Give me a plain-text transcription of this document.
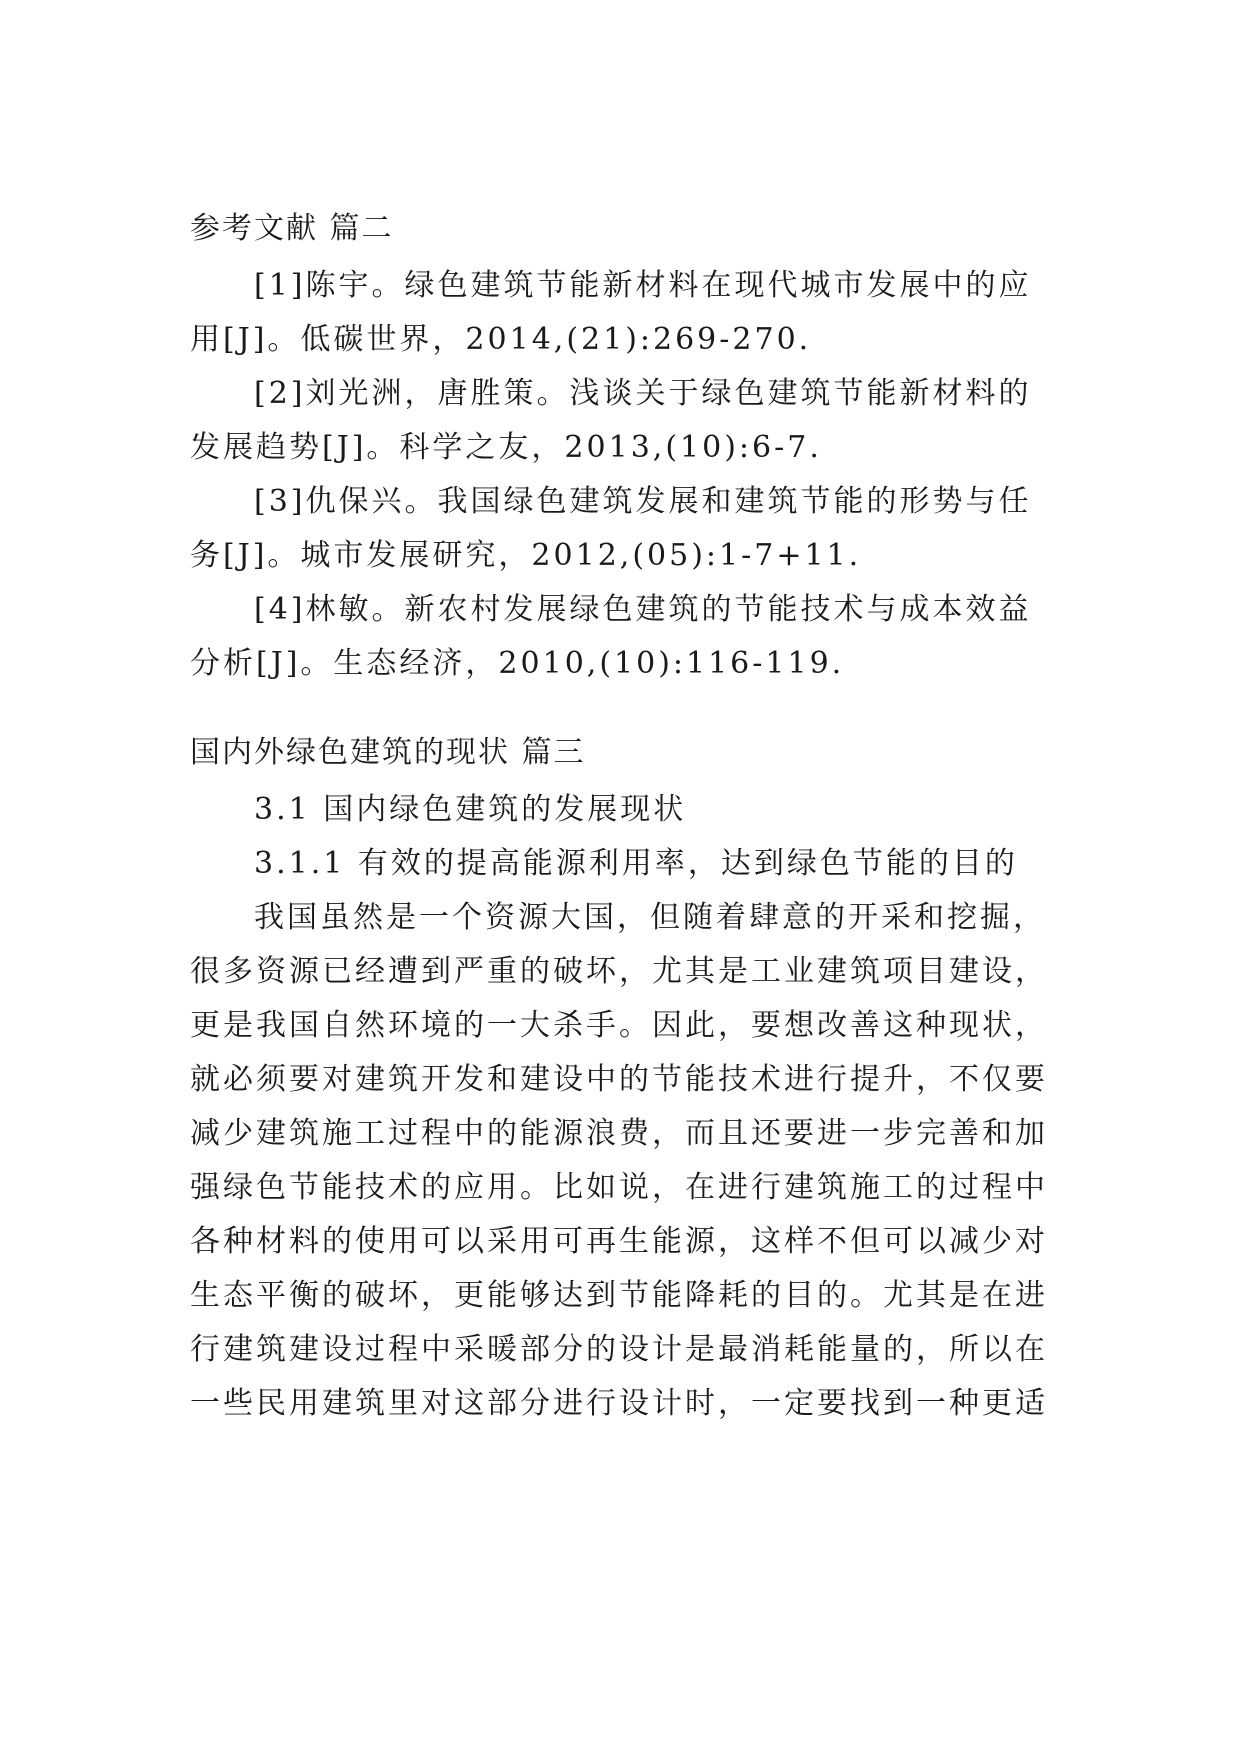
参考文献 篇二

[1]陈宇。绿色建筑节能新材料在现代城市发展中的应

用[J]。低碳世界，2014,(21):269-270.

[2]刘光洲，唐胜策。浅谈关于绿色建筑节能新材料的

发展趋势[J]。科学之友，2013,(10):6-7.

[3]仇保兴。我国绿色建筑发展和建筑节能的形势与任

务[J]。城市发展研究，2012,(05):1-7+11.

[4]林敏。新农村发展绿色建筑的节能技术与成本效益

分析[J]。生态经济，2010,(10):116-119.

国内外绿色建筑的现状 篇三

3.1 国内绿色建筑的发展现状

3.1.1 有效的提高能源利用率，达到绿色节能的目的

我国虽然是一个资源大国，但随着肆意的开采和挖掘，

很多资源已经遭到严重的破坏，尤其是工业建筑项目建设，

更是我国自然环境的一大杀手。因此，要想改善这种现状，

就必须要对建筑开发和建设中的节能技术进行提升，不仅要

减少建筑施工过程中的能源浪费，而且还要进一步完善和加

强绿色节能技术的应用。比如说，在进行建筑施工的过程中

各种材料的使用可以采用可再生能源，这样不但可以减少对

生态平衡的破坏，更能够达到节能降耗的目的。尤其是在进

行建筑建设过程中采暖部分的设计是最消耗能量的，所以在

一些民用建筑里对这部分进行设计时，一定要找到一种更适
